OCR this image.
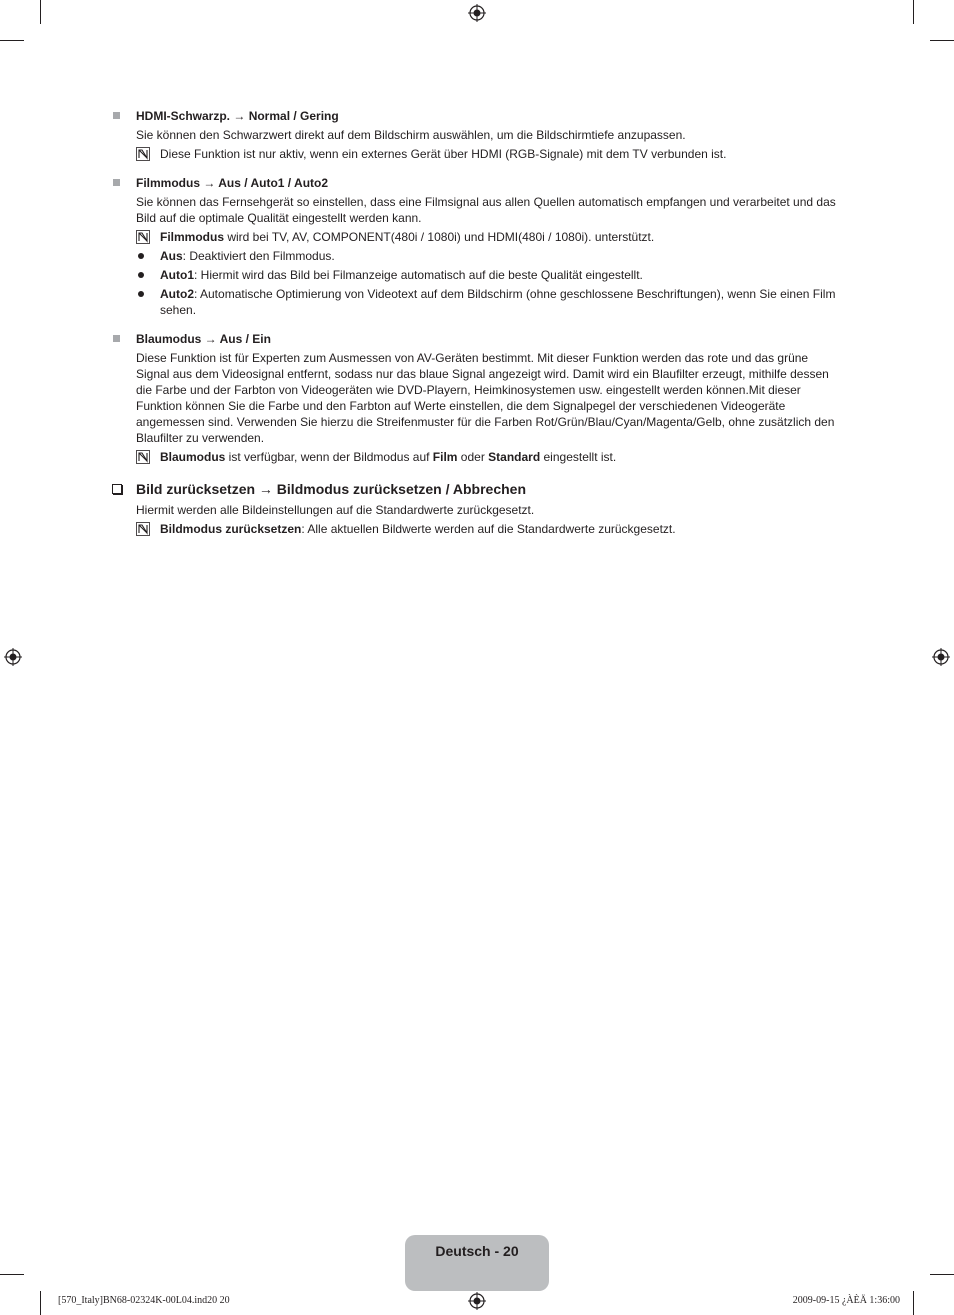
HDMI-Schwarzp. → Normal / Gering

Sie können den Schwarzwert direkt auf dem Bildschirm auswählen, um die Bildschirmtiefe anzupassen.

Diese Funktion ist nur aktiv, wenn ein externes Gerät über HDMI (RGB-Signale) mit dem TV verbunden ist.
Filmmodus → Aus / Auto1 / Auto2

Sie können das Fernsehgerät so einstellen, dass eine Filmsignal aus allen Quellen automatisch empfangen und verarbeitet und das Bild auf die optimale Qualität eingestellt werden kann.

Filmmodus wird bei TV, AV, COMPONENT(480i / 1080i) und HDMI(480i / 1080i). unterstützt.
Aus: Deaktiviert den Filmmodus.
Auto1: Hiermit wird das Bild bei Filmanzeige automatisch auf die beste Qualität eingestellt.
Auto2: Automatische Optimierung von Videotext auf dem Bildschirm (ohne geschlossene Beschriftungen), wenn Sie einen Film sehen.
Blaumodus → Aus / Ein

Diese Funktion ist für Experten zum Ausmessen von AV-Geräten bestimmt. Mit dieser Funktion werden das rote und das grüne Signal aus dem Videosignal entfernt, sodass nur das blaue Signal angezeigt wird. Damit wird ein Blaufilter erzeugt, mithilfe dessen die Farbe und der Farbton von Videogeräten wie DVD-Playern, Heimkinosystemen usw. eingestellt werden können.Mit dieser Funktion können Sie die Farbe und den Farbton auf Werte einstellen, die dem Signalpegel der verschiedenen Videogeräte angemessen sind. Verwenden Sie hierzu die Streifenmuster für die Farben Rot/Grün/Blau/Cyan/Magenta/Gelb, ohne zusätzlich den Blaufilter zu verwenden.

Blaumodus ist verfügbar, wenn der Bildmodus auf Film oder Standard eingestellt ist.
Bild zurücksetzen → Bildmodus zurücksetzen / Abbrechen

Hiermit werden alle Bildeinstellungen auf die Standardwerte zurückgesetzt.

Bildmodus zurücksetzen: Alle aktuellen Bildwerte werden auf die Standardwerte zurückgesetzt.
Deutsch - 20
[570_Italy]BN68-02324K-00L04.ind20 20	2009-09-15 ¿ÀÈÄ 1:36:00
